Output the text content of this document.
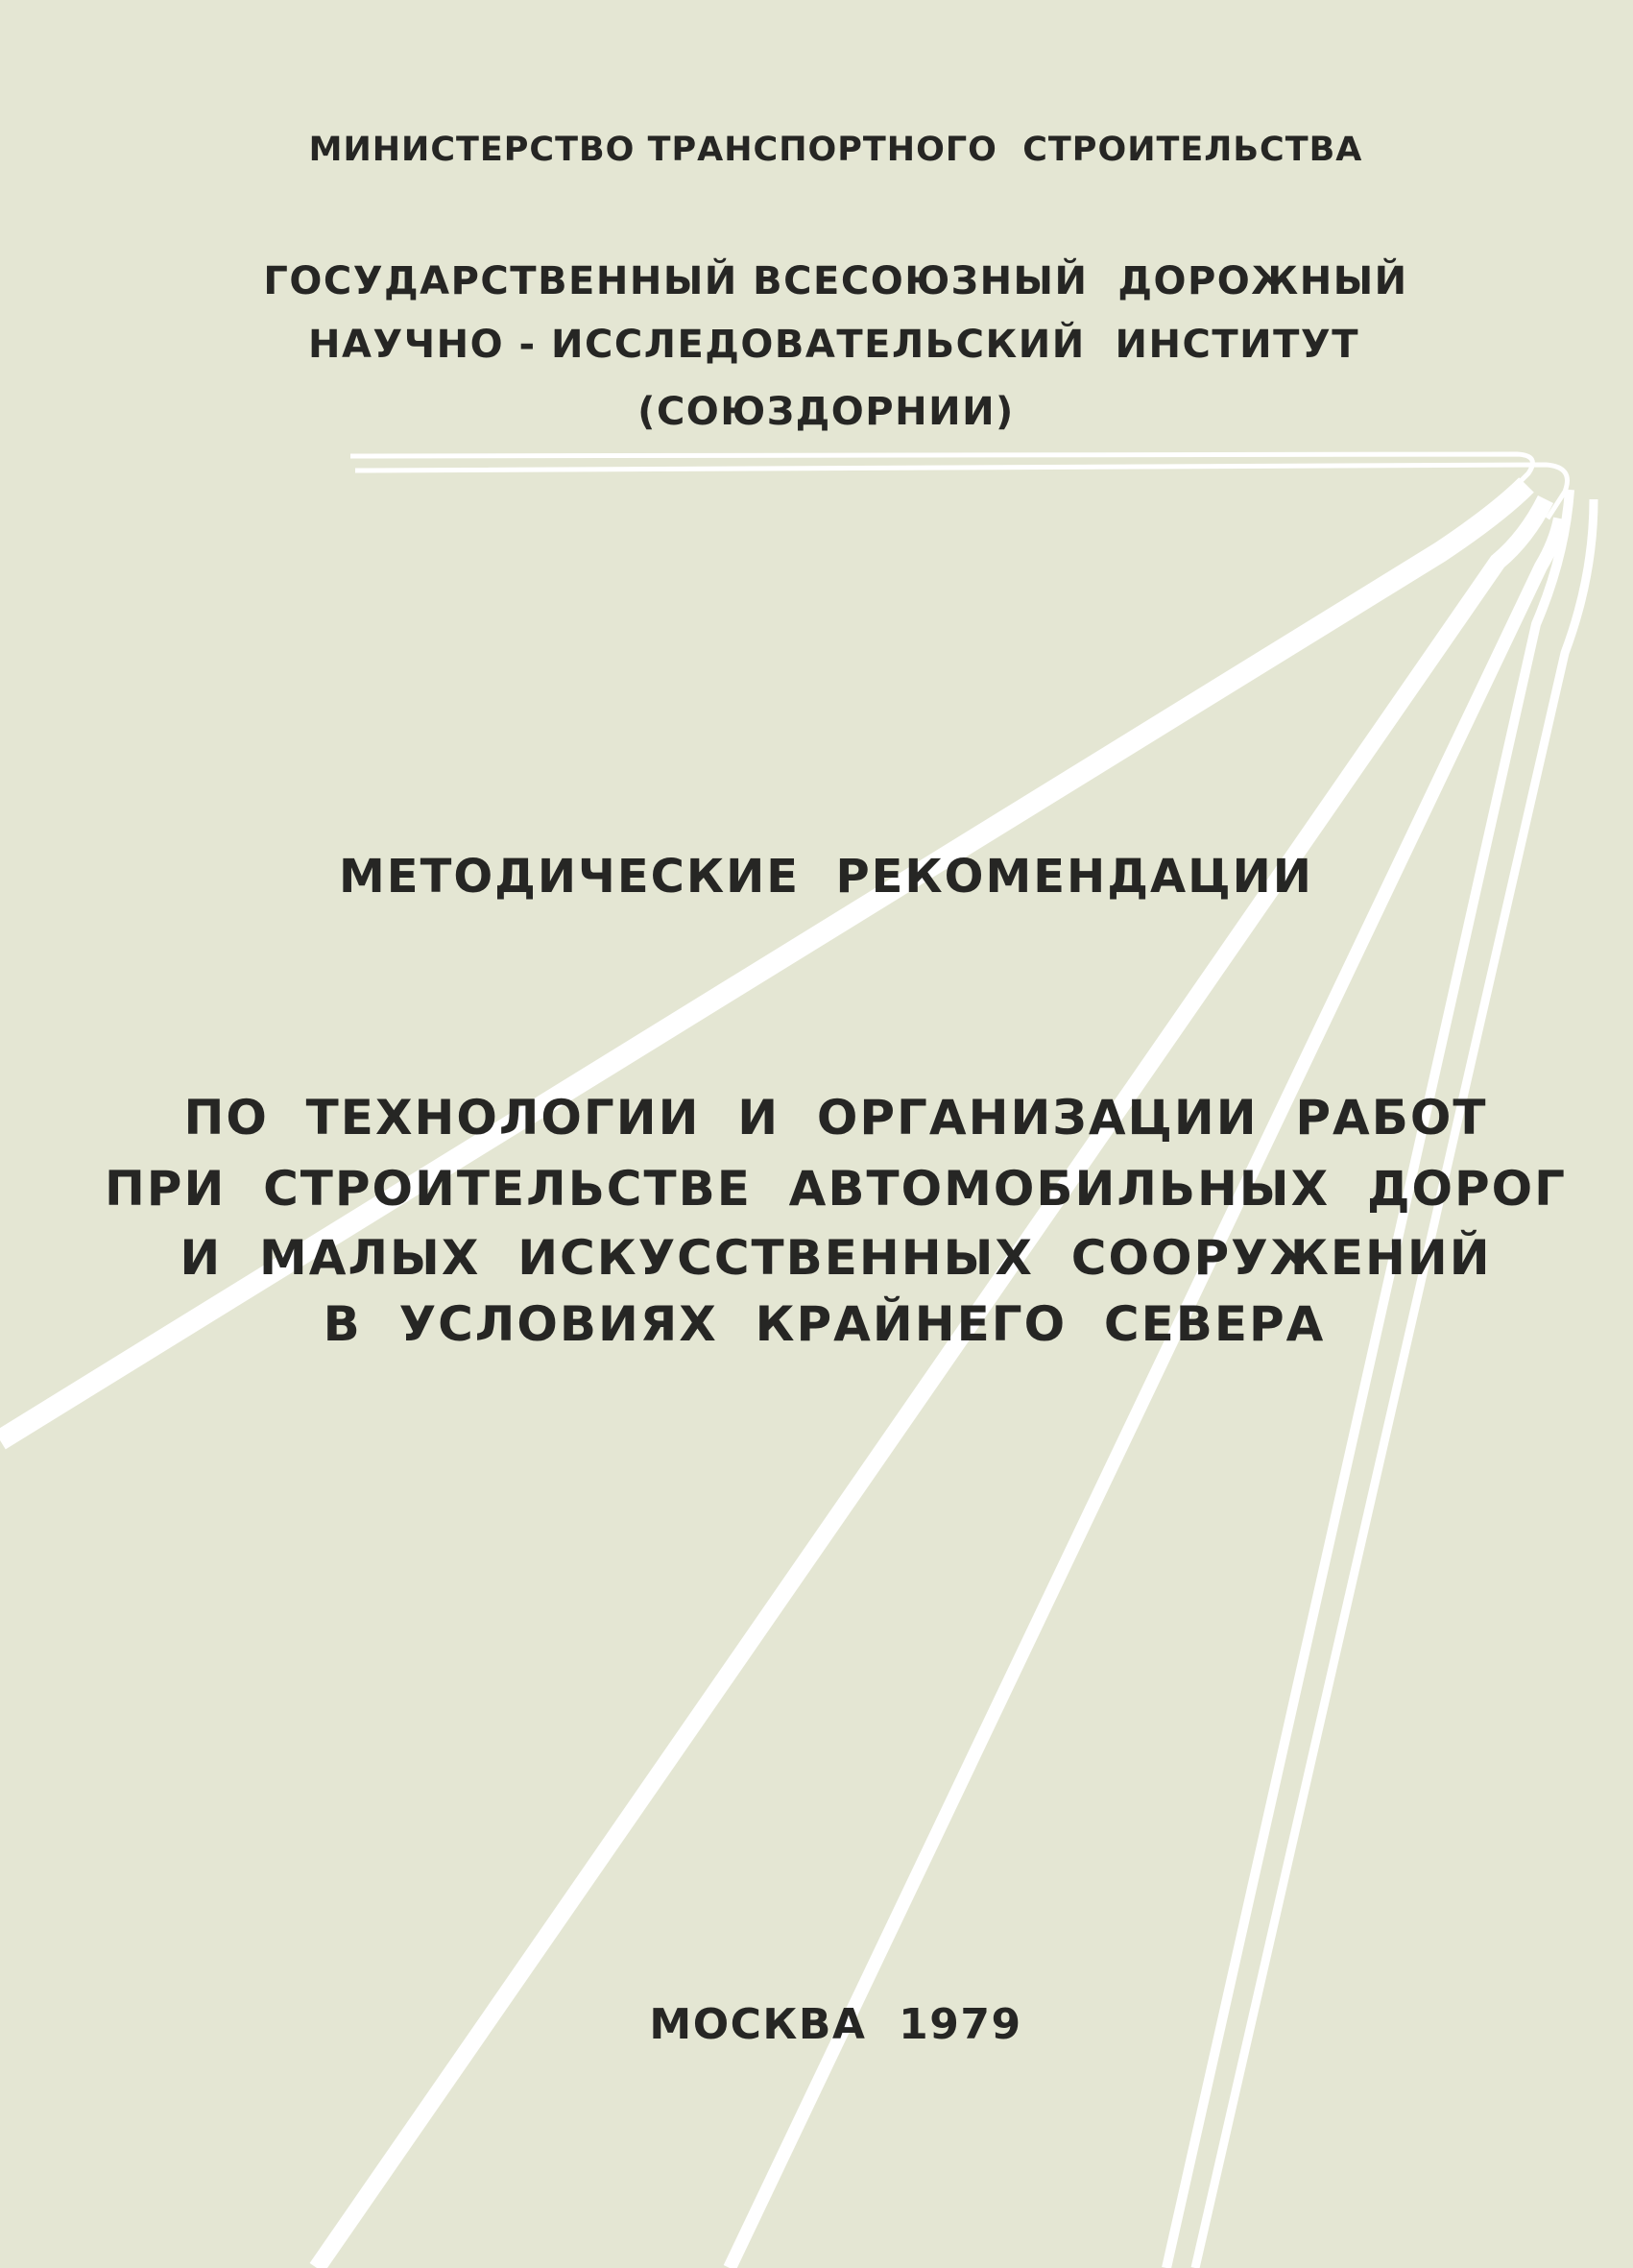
МИНИСТЕРСТВО ТРАНСПОРТНОГО  СТРОИТЕЛЬСТВА
ГОСУДАРСТВЕННЫЙ ВСЕСОЮЗНЫЙ  ДОРОЖНЫЙ
НАУЧНО - ИССЛЕДОВАТЕЛЬСКИЙ  ИНСТИТУТ
(СОЮЗДОРНИИ)
МЕТОДИЧЕСКИЕ  РЕКОМЕНДАЦИИ
ПО  ТЕХНОЛОГИИ  И  ОРГАНИЗАЦИИ  РАБОТ
ПРИ  СТРОИТЕЛЬСТВЕ  АВТОМОБИЛЬНЫХ  ДОРОГ
И  МАЛЫХ  ИСКУССТВЕННЫХ  СООРУЖЕНИЙ
В  УСЛОВИЯХ  КРАЙНЕГО  СЕВЕРА
МОСКВА  1979
